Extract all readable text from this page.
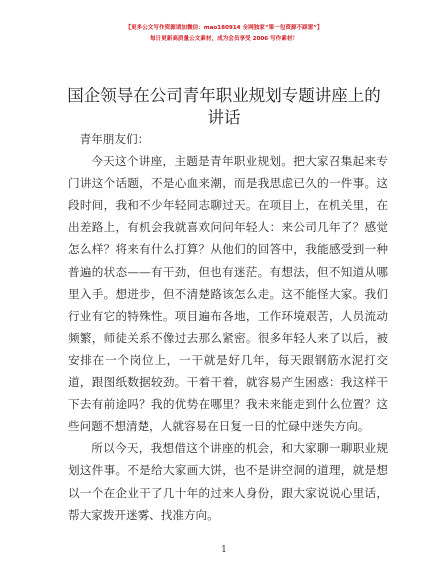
【更多公文写作资源请加微信：mao180914 全网独家“第一包资源不踩雷”】
每日更新高质量公文素材，成为会员享受 2006 写作素材！
国企领导在公司青年职业规划专题讲座上的讲话

青年朋友们：

今天这个讲座，主题是青年职业规划。把大家召集起来专门讲这个话题，不是心血来潮，而是我思虑已久的一件事。这段时间，我和不少年轻同志聊过天。在项目上，在机关里，在出差路上，有机会我就喜欢问问年轻人：来公司几年了？感觉怎么样？将来有什么打算？从他们的回答中，我能感受到一种普遍的状态——有干劲，但也有迷茫。有想法，但不知道从哪里入手。想进步，但不清楚路该怎么走。这不能怪大家。我们行业有它的特殊性。项目遍布各地，工作环境艰苦，人员流动频繁，师徒关系不像过去那么紧密。很多年轻人来了以后，被安排在一个岗位上，一干就是好几年，每天跟钢筋水泥打交道，跟图纸数据较劲。干着干着，就容易产生困惑：我这样干下去有前途吗？我的优势在哪里？我未来能走到什么位置？这些问题不想清楚，人就容易在日复一日的忙碌中迷失方向。

所以今天，我想借这个讲座的机会，和大家聊一聊职业规划这件事。不是给大家画大饼，也不是讲空洞的道理，就是想以一个在企业干了几十年的过来人身份，跟大家说说心里话，帮大家拨开迷雾、找准方向。

1
